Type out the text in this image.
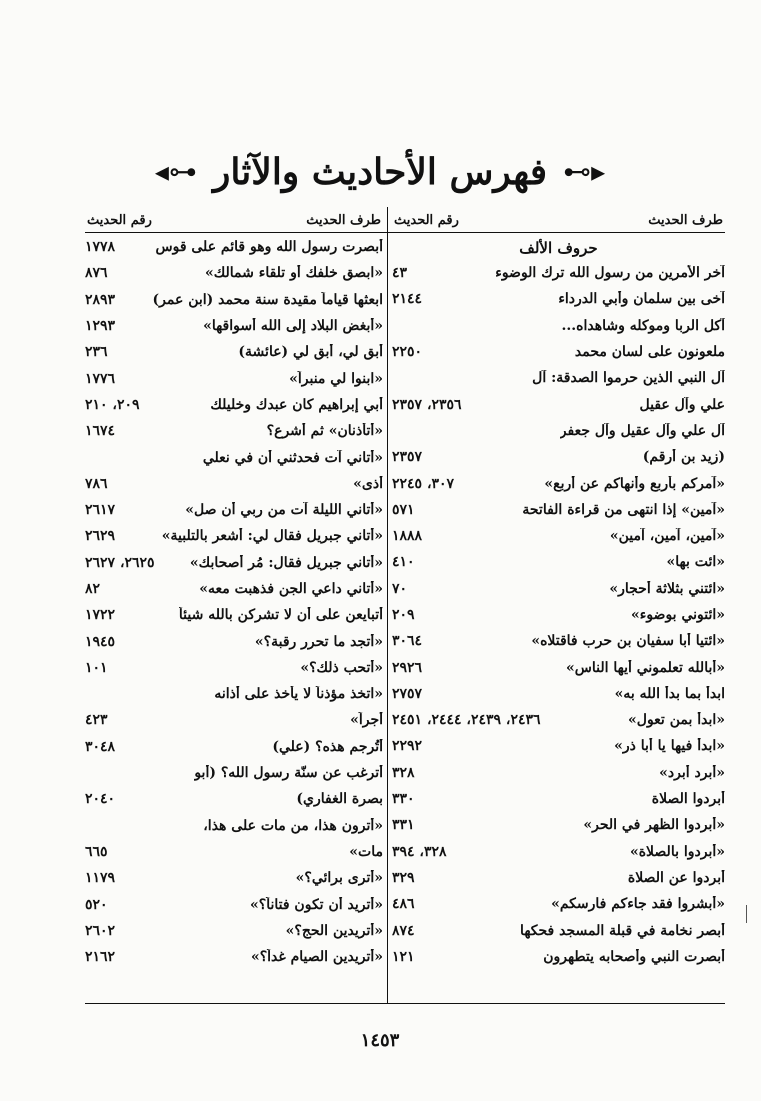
◂⊶ فهرس الأحاديث والآثار ⊷▸
طرف الحديث
رقم الحديث
حروف الألف
آخر الأمرين من رسول الله ترك الوضوء
٤٣
آخى بين سلمان وأبي الدرداء
٢١٤٤
آكل الربا وموكله وشاهداه...
ملعونون على لسان محمد
٢٢٥٠
آل النبي الذين حرموا الصدقة: آل
علي وآل عقيل
٢٣٥٦، ٢٣٥٧
آل علي وآل عقيل وآل جعفر
(زيد بن أرقم)
٢٣٥٧
«آمركم بأربع وأنهاكم عن أربع»
٣٠٧، ٢٢٤٥
«آمين» إذا انتهى من قراءة الفاتحة
٥٧١
«آمين، آمين، آمين»
١٨٨٨
«ائت بها»
٤١٠
«ائتني بثلاثة أحجار»
٧٠
«ائتوني بوضوء»
٢٠٩
«ائتيا أبا سفيان بن حرب فاقتلاه»
٣٠٦٤
«أبالله تعلموني أيها الناس»
٢٩٢٦
ابدأ بما بدأ الله به»
٢٧٥٧
«ابدأ بمن تعول»
٢٤٣٦، ٢٤٣٩، ٢٤٤٤، ٢٤٥١
«ابدأ فيها يا أبا ذر»
٢٢٩٢
«أبرد أبرد»
٣٢٨
أبردوا الصلاة
٣٣٠
«أبردوا الظهر في الحر»
٣٣١
«أبردوا بالصلاة»
٣٢٨، ٣٩٤
أبردوا عن الصلاة
٣٢٩
«أبشروا فقد جاءكم فارسكم»
٤٨٦
أبصر نخامة في قبلة المسجد فحكها
٨٧٤
أبصرت النبي وأصحابه يتطهرون
١٢١
طرف الحديث
رقم الحديث
أبصرت رسول الله وهو قائم على قوس
١٧٧٨
«ابصق خلفك أو تلقاء شمالك»
٨٧٦
ابعثها قياماً مقيدة سنة محمد (ابن عمر)
٢٨٩٣
«أبغض البلاد إلى الله أسواقها»
١٢٩٣
أبق لي، أبق لي (عائشة)
٢٣٦
«ابنوا لي منبراً»
١٧٧٦
أبي إبراهيم كان عبدك وخليلك
٢٠٩، ٢١٠
«أتأذنان» ثم أشرع؟
١٦٧٤
«أتاني آت فحدثني أن في نعلي
أذى»
٧٨٦
«أتاني الليلة آت من ربي أن صل»
٢٦١٧
«أتاني جبريل فقال لي: أشعر بالتلبية»
٢٦٢٩
«أتاني جبريل فقال: مُر أصحابك»
٢٦٢٥، ٢٦٢٧
«أتاني داعي الجن فذهبت معه»
٨٢
أتبايعن على أن لا تشركن بالله شيئاً
١٧٢٢
«أتجد ما تحرر رقبة؟»
١٩٤٥
«أتحب ذلك؟»
١٠١
«اتخذ مؤذناً لا يأخذ على أذانه
أجراً»
٤٢٣
أتُرجم هذه؟ (علي)
٣٠٤٨
أترغب عن سنّة رسول الله؟ (أبو
بصرة الغفاري)
٢٠٤٠
«أترون هذا، من مات على هذا،
مات»
٦٦٥
«أترى برائي؟»
١١٧٩
«أتريد أن تكون فتاناً؟»
٥٢٠
«أتريدين الحج؟»
٢٦٠٢
«أتريدين الصيام غداً؟»
٢١٦٢
١٤٥٣
